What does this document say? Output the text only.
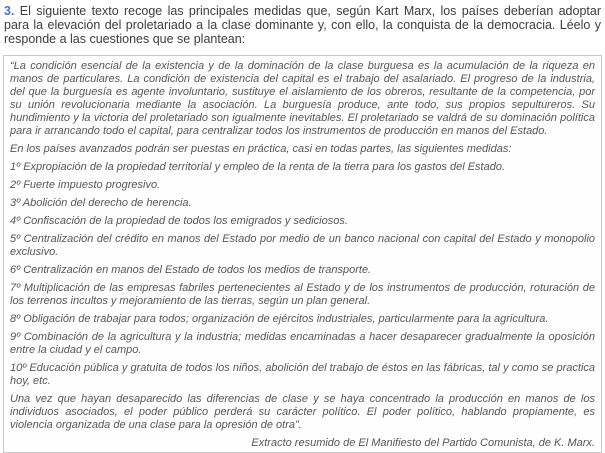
3. El siguiente texto recoge las principales medidas que, según Kart Marx, los países deberían adoptar para la elevación del proletariado a la clase dominante y, con ello, la conquista de la democracia. Léelo y responde a las cuestiones que se plantean:

“La condición esencial de la existencia y de la dominación de la clase burguesa es la acumulación de la riqueza en manos de particulares. La condición de existencia del capital es el trabajo del asalariado. El progreso de la industria, del que la burguesía es agente involuntario, sustituye el aislamiento de los obreros, resultante de la competencia, por su unión revolucionaria mediante la asociación. La burguesía produce, ante todo, sus propios sepultureros. Su hundimiento y la victoria del proletariado son igualmente inevitables. El proletariado se valdrá de su dominación política para ir arrancando todo el capital, para centralizar todos los instrumentos de producción en manos del Estado.

En los países avanzados podrán ser puestas en práctica, casi en todas partes, las siguientes medidas:

1º Expropiación de la propiedad territorial y empleo de la renta de la tierra para los gastos del Estado.

2º Fuerte impuesto progresivo.

3º Abolición del derecho de herencia.

4º Confiscación de la propiedad de todos los emigrados y sediciosos.

5º Centralización del crédito en manos del Estado por medio de un banco nacional con capital del Estado y monopolio exclusivo.

6º Centralización en manos del Estado de todos los medios de transporte.

7º Multiplicación de las empresas fabriles pertenecientes al Estado y de los instrumentos de producción, roturación de los terrenos incultos y mejoramiento de las tierras, según un plan general.

8º Obligación de trabajar para todos; organización de ejércitos industriales, particularmente para la agricultura.

9º Combinación de la agricultura y la industria; medidas encaminadas a hacer desaparecer gradualmente la oposición entre la ciudad y el campo.

10º Educación pública y gratuita de todos los niños, abolición del trabajo de éstos en las fábricas, tal y como se practica hoy, etc.

Una vez que hayan desaparecido las diferencias de clase y se haya concentrado la producción en manos de los individuos asociados, el poder público perderá su carácter político. El poder político, hablando propiamente, es violencia organizada de una clase para la opresión de otra”.

Extracto resumido de El Manifiesto del Partido Comunista, de K. Marx.
